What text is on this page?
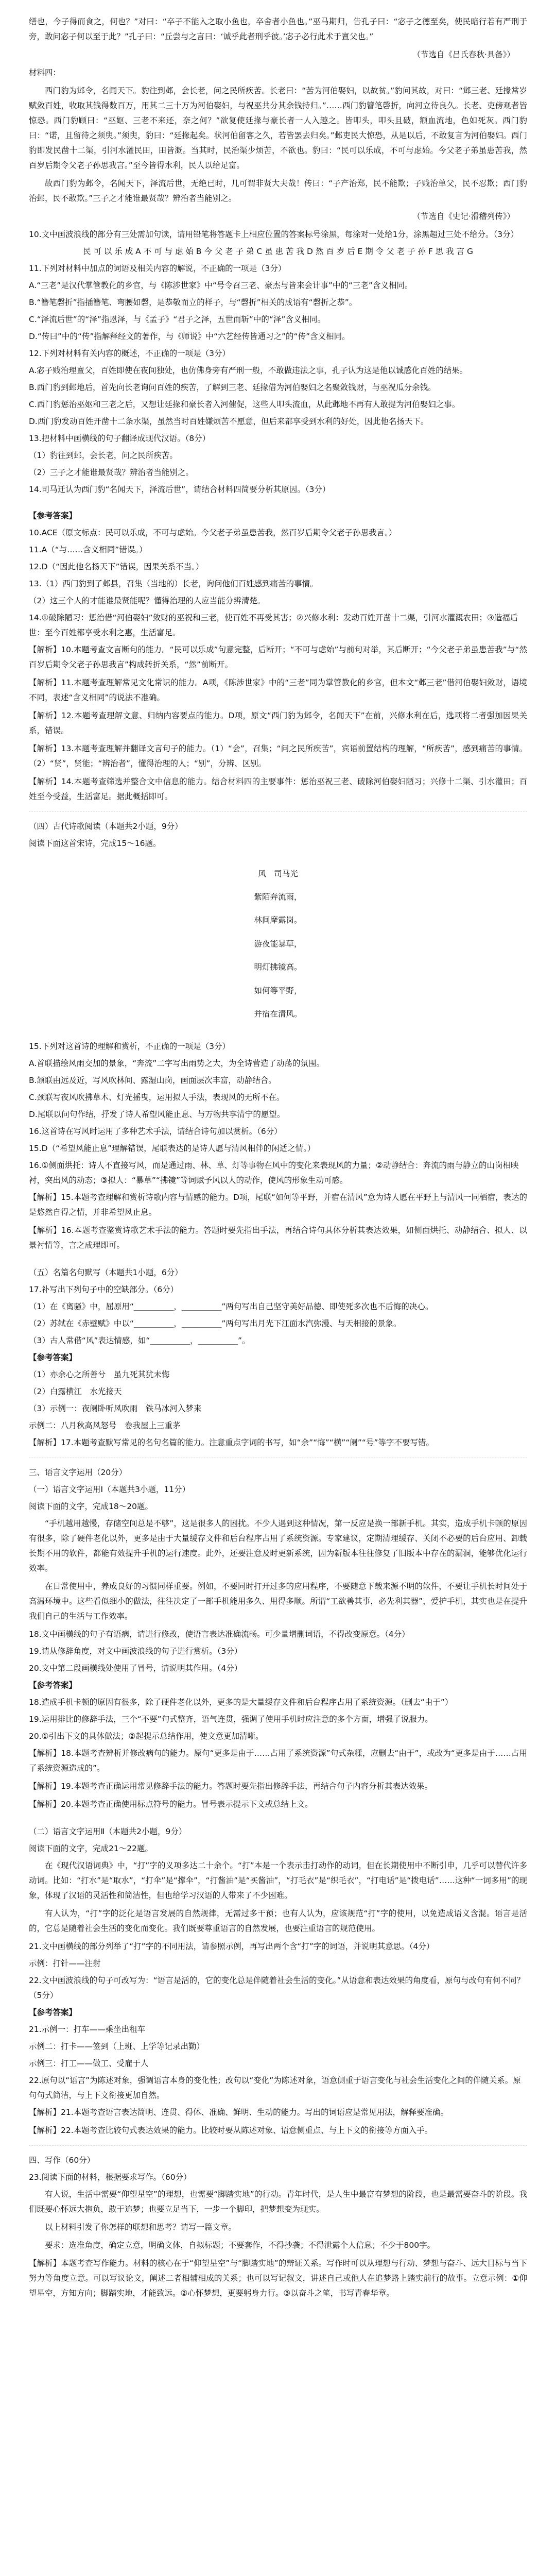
缮也，今子得而食之，何也？”对曰：“卒子不能入之取小鱼也，卒舍者小鱼也。”巫马期归，告孔子曰：“宓子之德至矣，使民暗行若有严刑于旁，敢问宓子何以至于此？”孔子曰：“丘尝与之言曰：‘诚乎此者刑乎彼。’宓子必行此术于亶父也。”

（节选自《吕氏春秋·具备》）

材料四：

西门豹为邺令，名闻天下。豹往到邺，会长老，问之民所疾苦。长老曰：“苦为河伯娶妇，以故贫。”豹问其故，对曰：“邺三老、廷掾常岁赋敛百姓，收取其钱得数百万，用其二三十万为河伯娶妇，与祝巫共分其余钱持归。”……西门豹簪笔磬折，向河立待良久。长老、吏傍观者皆惊恐。西门豹顾曰：“巫妪、三老不来还，奈之何？”欲复使廷掾与豪长者一人入趣之。皆叩头，叩头且破，额血流地，色如死灰。西门豹曰：“诺，且留待之须臾。”须臾，豹曰：“廷掾起矣。状河伯留客之久，若皆罢去归矣。”邺吏民大惊恐，从是以后，不敢复言为河伯娶妇。西门豹即发民凿十二渠，引河水灌民田，田皆溉。当其时，民治渠少烦苦，不欲也。豹曰：“民可以乐成，不可与虑始。今父老子弟虽患苦我，然百岁后期令父老子孙思我言。”至今皆得水利，民人以给足富。

故西门豹为邺令，名闻天下，泽流后世，无绝已时，几可谓非贤大夫哉！传曰：“子产治郑，民不能欺；子贱治单父，民不忍欺；西门豹治邺，民不敢欺。”三子之才能谁最贤哉？辨治者当能别之。

（节选自《史记·滑稽列传》）

10.文中画波浪线的部分有三处需加句读，请用铅笔将答题卡上相应位置的答案标号涂黑，每涂对一处给1分，涂黑超过三处不给分。（3分）

民 可 以 乐 成 A 不 可 与 虑 始 B 今 父 老 子 弟 C 虽 患 苦 我 D 然 百 岁 后 E 期 令 父 老 子 孙 F 思 我 言 G

11.下列对材料中加点的词语及相关内容的解说，不正确的一项是（3分）

A.“三老”是汉代掌管教化的乡官，与《陈涉世家》中“号令召三老、豪杰与皆来会计事”中的“三老”含义相同。

B.“簪笔磬折”指插簪笔、弯腰如磬，是恭敬而立的样子，与“磬折”相关的成语有“磬折之恭”。

C.“泽流后世”的“泽”指恩泽，与《孟子》“君子之泽，五世而斩”中的“泽”含义相同。

D.“传曰”中的“传”指解释经文的著作，与《师说》中“六艺经传皆通习之”的“传”含义相同。

12.下列对材料有关内容的概述，不正确的一项是（3分）

A.宓子贱治理亶父，百姓即使在夜间独处，也仿佛身旁有严刑一般，不敢做违法之事，孔子认为这是他以诚感化百姓的结果。

B.西门豹到邺地后，首先向长老询问百姓的疾苦，了解到三老、廷掾借为河伯娶妇之名聚敛钱财，与巫祝瓜分余钱。

C.西门豹惩治巫妪和三老之后，又想让廷掾和豪长者入河催促，这些人叩头流血，从此邺地不再有人敢提为河伯娶妇之事。

D.西门豹发动百姓开凿十二条水渠，虽然当时百姓嫌烦苦不愿意，但后来都享受到水利的好处，因此他名扬天下。

13.把材料中画横线的句子翻译成现代汉语。（8分）

（1）豹往到邺，会长老，问之民所疾苦。

（2）三子之才能谁最贤哉？辨治者当能别之。

14.司马迁认为西门豹“名闻天下，泽流后世”，请结合材料四简要分析其原因。（3分）

【参考答案】

10.ACE（原文标点：民可以乐成，不可与虑始。今父老子弟虽患苦我，然百岁后期令父老子孙思我言。）

11.A（“与……含义相同”错误。）

12.D（“因此他名扬天下”错误，因果关系不当。）

13.（1）西门豹到了邺县，召集（当地的）长老，询问他们百姓感到痛苦的事情。

（2）这三个人的才能谁最贤能呢？懂得治理的人应当能分辨清楚。

14.①破除陋习：惩治借“河伯娶妇”敛财的巫祝和三老，使百姓不再受其害；②兴修水利：发动百姓开凿十二渠，引河水灌溉农田；③造福后世：至今百姓都享受水利之惠，生活富足。

【解析】10.本题考查文言断句的能力。“民可以乐成”句意完整，后断开；“不可与虑始”与前句对举，其后断开；“今父老子弟虽患苦我”与“然百岁后期令父老子孙思我言”构成转折关系，“然”前断开。

【解析】11.本题考查理解常见文化常识的能力。A项，《陈涉世家》中的“三老”同为掌管教化的乡官，但本文“邺三老”借河伯娶妇敛财，语境不同，表述“含义相同”的说法不准确。

【解析】12.本题考查理解文意、归纳内容要点的能力。D项，原文“西门豹为邺令，名闻天下”在前，兴修水利在后，选项将二者强加因果关系，错误。

【解析】13.本题考查理解并翻译文言句子的能力。（1）“会”，召集；“问之民所疾苦”，宾语前置结构的理解，“所疾苦”，感到痛苦的事情。（2）“贤”，贤能；“辨治者”，懂得治理的人；“别”，分辨、区别。

【解析】14.本题考查筛选并整合文中信息的能力。结合材料四的主要事件：惩治巫祝三老、破除河伯娶妇陋习；兴修十二渠、引水灌田；百姓至今受益，生活富足。据此概括即可。

（四）古代诗歌阅读（本题共2小题，9分）

阅读下面这首宋诗，完成15～16题。

风　司马光

紫陌奔流雨，

林间摩露岗。

游夜能暴草，

明灯拂镜高。

如何等平野，

并宿在清风。

15.下列对这首诗的理解和赏析，不正确的一项是（3分）

A.首联描绘风雨交加的景象，“奔流”二字写出雨势之大，为全诗营造了动荡的氛围。

B.颔联由远及近，写风吹林间、露湿山岗，画面层次丰富，动静结合。

C.颈联写夜风吹拂草木、灯光摇曳，运用拟人手法，表现风的无所不在。

D.尾联以问句作结，抒发了诗人希望风能止息、与万物共享清宁的愿望。

16.这首诗在写风时运用了多种艺术手法，请结合诗句加以赏析。（6分）

15.D（“希望风能止息”理解错误，尾联表达的是诗人愿与清风相伴的闲适之情。）

16.①侧面烘托：诗人不直接写风，而是通过雨、林、草、灯等事物在风中的变化来表现风的力量；②动静结合：奔流的雨与静立的山岗相映衬，突出风的动态；③拟人：“暴草”“拂镜”等词赋予风以人的动作，使风的形象生动可感。

【解析】15.本题考查理解和赏析诗歌内容与情感的能力。D项，尾联“如何等平野，并宿在清风”意为诗人愿在平野上与清风一同栖宿，表达的是悠然自得之情，并非希望风止息。

【解析】16.本题考查鉴赏诗歌艺术手法的能力。答题时要先指出手法，再结合诗句具体分析其表达效果，如侧面烘托、动静结合、拟人、以景衬情等，言之成理即可。

（五）名篇名句默写（本题共1小题，6分）

17.补写出下列句子中的空缺部分。（6分）

（1）在《离骚》中，屈原用“__________，__________”两句写出自己坚守美好品德、即使死多次也不后悔的决心。

（2）苏轼在《赤壁赋》中以“__________，__________”两句写出月光下江面水汽弥漫、与天相接的景象。

（3）古人常借“风”表达情感，如“__________，__________”。

【参考答案】

（1）亦余心之所善兮　虽九死其犹未悔

（2）白露横江　水光接天

（3）示例一：夜阑卧听风吹雨　铁马冰河入梦来

示例二：八月秋高风怒号　卷我屋上三重茅

【解析】17.本题考查默写常见的名句名篇的能力。注意重点字词的书写，如“余”“悔”“横”“阑”“号”等字不要写错。

三、语言文字运用（20分）

（一）语言文字运用Ⅰ（本题共3小题，11分）

阅读下面的文字，完成18～20题。

“手机越用越慢，存储空间总是不够”，这是很多人的困扰。不少人遇到这种情况，第一反应是换一部新手机。其实，造成手机卡顿的原因有很多，除了硬件老化以外，更多是由于大量缓存文件和后台程序占用了系统资源。专家建议，定期清理缓存、关闭不必要的后台应用、卸载长期不用的软件，都能有效提升手机的运行速度。此外，还要注意及时更新系统，因为新版本往往修复了旧版本中存在的漏洞，能够优化运行效率。

在日常使用中，养成良好的习惯同样重要。例如，不要同时打开过多的应用程序，不要随意下载来源不明的软件，不要让手机长时间处于高温环境中。这些看似细小的做法，往往决定了一部手机能用多久、用得多顺。所谓“工欲善其事，必先利其器”，爱护手机，其实也是在提升我们自己的生活与工作效率。

18.文中画横线的句子有语病，请进行修改，使语言表达准确流畅。可少量增删词语，不得改变原意。（4分）

19.请从修辞角度，对文中画波浪线的句子进行赏析。（3分）

20.文中第二段画横线处使用了冒号，请说明其作用。（4分）

【参考答案】

18.造成手机卡顿的原因有很多，除了硬件老化以外，更多的是大量缓存文件和后台程序占用了系统资源。（删去“由于”）

19.运用排比的修辞手法，三个“不要”句式整齐，语气连贯，强调了使用手机时应注意的多个方面，增强了说服力。

20.①引出下文的具体做法；②起提示总结作用，使文意更加清晰。

【解析】18.本题考查辨析并修改病句的能力。原句“更多是由于……占用了系统资源”句式杂糅，应删去“由于”，或改为“更多是由于……占用了系统资源造成的”。

【解析】19.本题考查正确运用常见修辞手法的能力。答题时要先指出修辞手法，再结合句子内容分析其表达效果。

【解析】20.本题考查正确使用标点符号的能力。冒号表示提示下文或总结上文。

（二）语言文字运用Ⅱ（本题共2小题，9分）

阅读下面的文字，完成21～22题。

在《现代汉语词典》中，“打”字的义项多达二十余个。“打”本是一个表示击打动作的动词，但在长期使用中不断引申，几乎可以替代许多动词。比如：“打水”是“取水”，“打伞”是“撑伞”，“打酱油”是“买酱油”，“打毛衣”是“织毛衣”，“打电话”是“拨电话”……这种“一词多用”的现象，体现了汉语的灵活性和简洁性，但也给学习汉语的人带来了不少困难。

有人认为，“打”字的泛化是语言发展的自然规律，无需过多干预；也有人认为，应该规范“打”字的使用，以免造成语义含混。语言是活的，它总是随着社会生活的变化而变化。我们既要尊重语言的自然发展，也要注重语言的规范使用。

21.文中画横线的部分列举了“打”字的不同用法，请参照示例，再写出两个含“打”字的词语，并说明其意思。（4分）

示例：打针——注射

22.文中画波浪线的句子可改写为：“语言是活的，它的变化总是伴随着社会生活的变化。”从语意和表达效果的角度看，原句与改句有何不同？（5分）

【参考答案】

21.示例一：打车——乘坐出租车

示例二：打卡——签到（上班、上学等记录出勤）

示例三：打工——做工、受雇于人

22.原句以“语言”为陈述对象，强调语言本身的变化性；改句以“变化”为陈述对象，语意侧重于语言变化与社会生活变化之间的伴随关系。原句句式简洁，与上下文衔接更加自然。

【解析】21.本题考查语言表达简明、连贯、得体、准确、鲜明、生动的能力。写出的词语应是常见用法，解释要准确。

【解析】22.本题考查比较句式表达效果的能力。比较时要从陈述对象、语意侧重点、与上下文的衔接等方面入手。

四、写作（60分）

23.阅读下面的材料，根据要求写作。（60分）

有人说，生活中需要“仰望星空”的理想，也需要“脚踏实地”的行动。青年时代，是人生中最富有梦想的阶段，也是最需要奋斗的阶段。我们既要心怀远大抱负，敢于追梦；也要立足当下，一步一个脚印，把梦想变为现实。

以上材料引发了你怎样的联想和思考？请写一篇文章。

要求：选准角度，确定立意，明确文体，自拟标题；不要套作，不得抄袭；不得泄露个人信息；不少于800字。

【解析】本题考查写作能力。材料的核心在于“仰望星空”与“脚踏实地”的辩证关系。写作时可以从理想与行动、梦想与奋斗、远大目标与当下努力等角度立意。可以写议论文，阐述二者相辅相成的关系；也可以写记叙文，讲述自己或他人在追梦路上踏实前行的故事。立意示例：①仰望星空，方知方向；脚踏实地，才能致远。②心怀梦想，更要躬身力行。③以奋斗之笔，书写青春华章。
